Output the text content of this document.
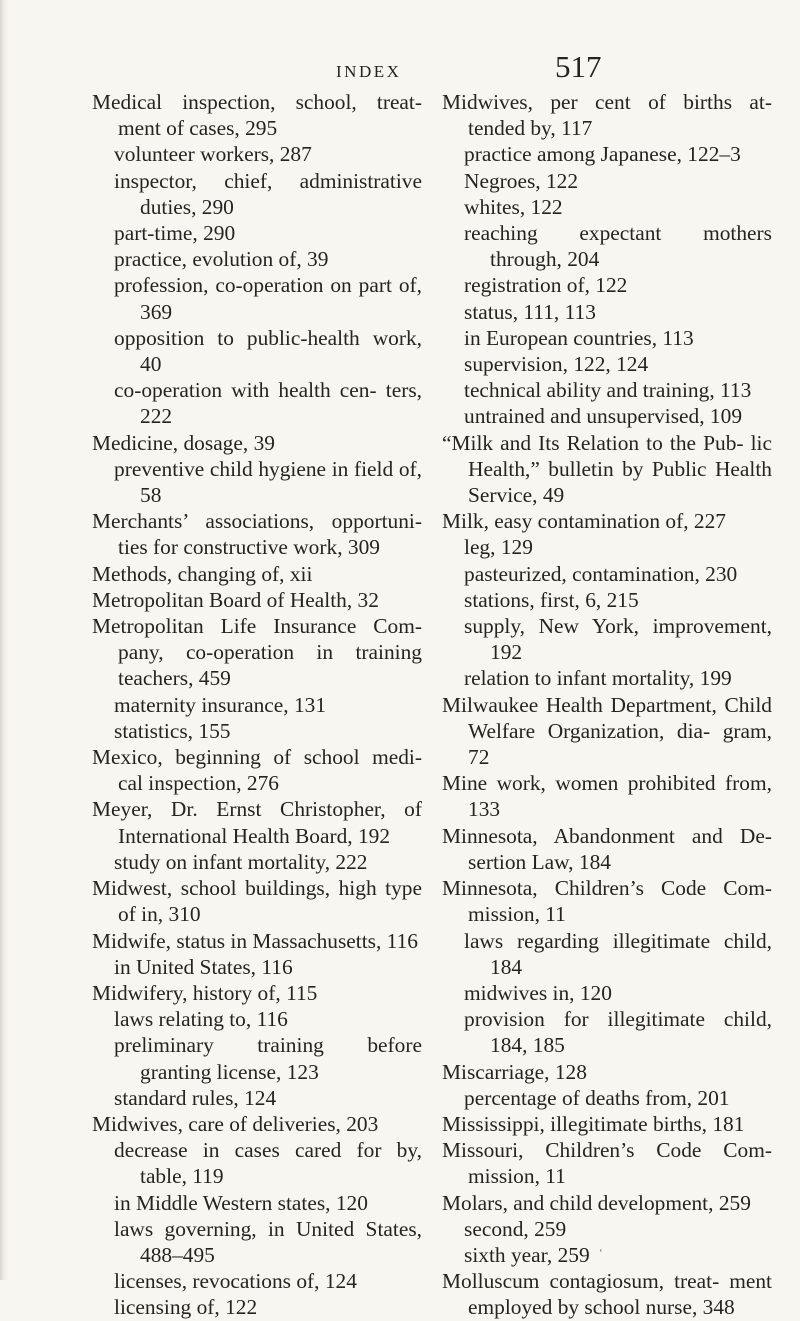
INDEX	517

Medical inspection, school, treat- ment of cases, 295

volunteer workers, 287

inspector, chief, administrative duties, 290

part-time, 290

practice, evolution of, 39

profession, co-operation on part of, 369

opposition to public-health work, 40

co-operation with health cen- ters, 222

Medicine, dosage, 39

preventive child hygiene in field of, 58

Merchants’ associations, opportuni- ties for constructive work, 309

Methods, changing of, xii

Metropolitan Board of Health, 32

Metropolitan Life Insurance Com- pany, co-operation in training teachers, 459

maternity insurance, 131

statistics, 155

Mexico, beginning of school medi- cal inspection, 276

Meyer, Dr. Ernst Christopher, of International Health Board, 192

study on infant mortality, 222

Midwest, school buildings, high type of in, 310

Midwife, status in Massachusetts, 116

in United States, 116

Midwifery, history of, 115

laws relating to, 116

preliminary training before granting license, 123

standard rules, 124

Midwives, care of deliveries, 203

decrease in cases cared for by, table, 119

in Middle Western states, 120

laws governing, in United States, 488–495

licenses, revocations of, 124

licensing of, 122

Midwives, per cent of births at- tended by, 117

practice among Japanese, 122–3

Negroes, 122

whites, 122

reaching expectant mothers through, 204

registration of, 122

status, 111, 113

in European countries, 113

supervision, 122, 124

technical ability and training, 113

untrained and unsupervised, 109

“Milk and Its Relation to the Pub- lic Health,” bulletin by Public Health Service, 49

Milk, easy contamination of, 227

leg, 129

pasteurized, contamination, 230

stations, first, 6, 215

supply, New York, improvement, 192

relation to infant mortality, 199

Milwaukee Health Department, Child Welfare Organization, dia- gram, 72

Mine work, women prohibited from, 133

Minnesota, Abandonment and De- sertion Law, 184

Minnesota, Children’s Code Com- mission, 11

laws regarding illegitimate child, 184

midwives in, 120

provision for illegitimate child, 184, 185

Miscarriage, 128

percentage of deaths from, 201

Mississippi, illegitimate births, 181

Missouri, Children’s Code Com- mission, 11

Molars, and child development, 259

second, 259

sixth year, 259

Molluscum contagiosum, treat- ment employed by school nurse, 348

‘
